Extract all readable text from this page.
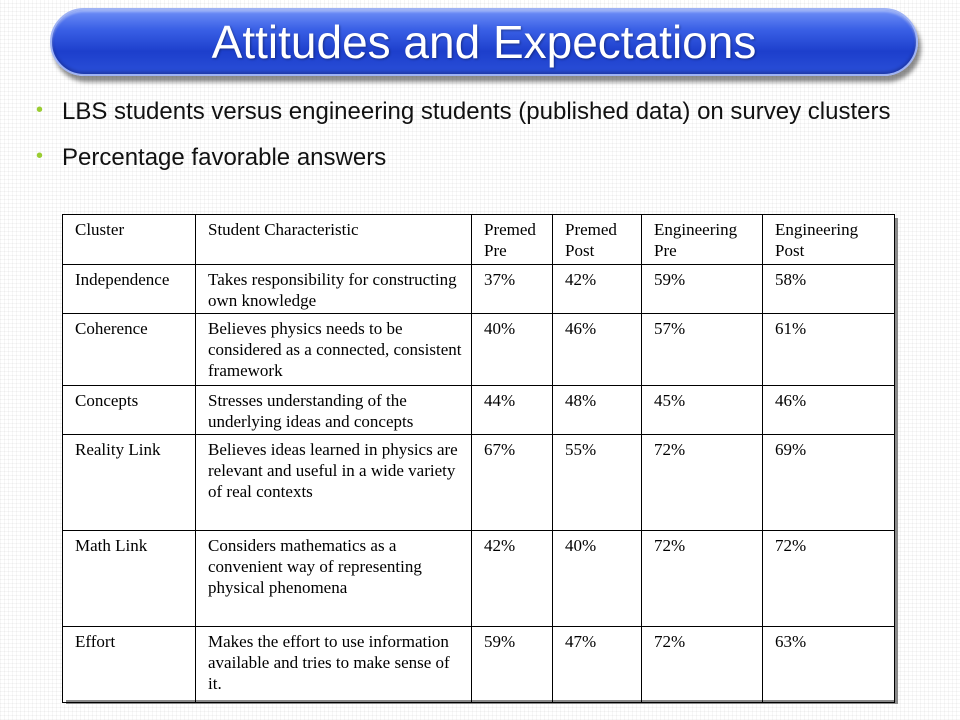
Attitudes and Expectations
• LBS students versus engineering students (published data) on survey clusters
• Percentage favorable answers
Cluster	Student Characteristic	Premed Pre	Premed Post	Engineering Pre	Engineering Post
Independence	Takes responsibility for constructing own knowledge	37%	42%	59%	58%
Coherence	Believes physics needs to be considered as a connected, consistent framework	40%	46%	57%	61%
Concepts	Stresses understanding of the underlying ideas and concepts	44%	48%	45%	46%
Reality Link	Believes ideas learned in physics are relevant and useful in a wide variety of real contexts	67%	55%	72%	69%
Math Link	Considers mathematics as a convenient way of representing physical phenomena	42%	40%	72%	72%
Effort	Makes the effort to use information available and tries to make sense of it.	59%	47%	72%	63%
